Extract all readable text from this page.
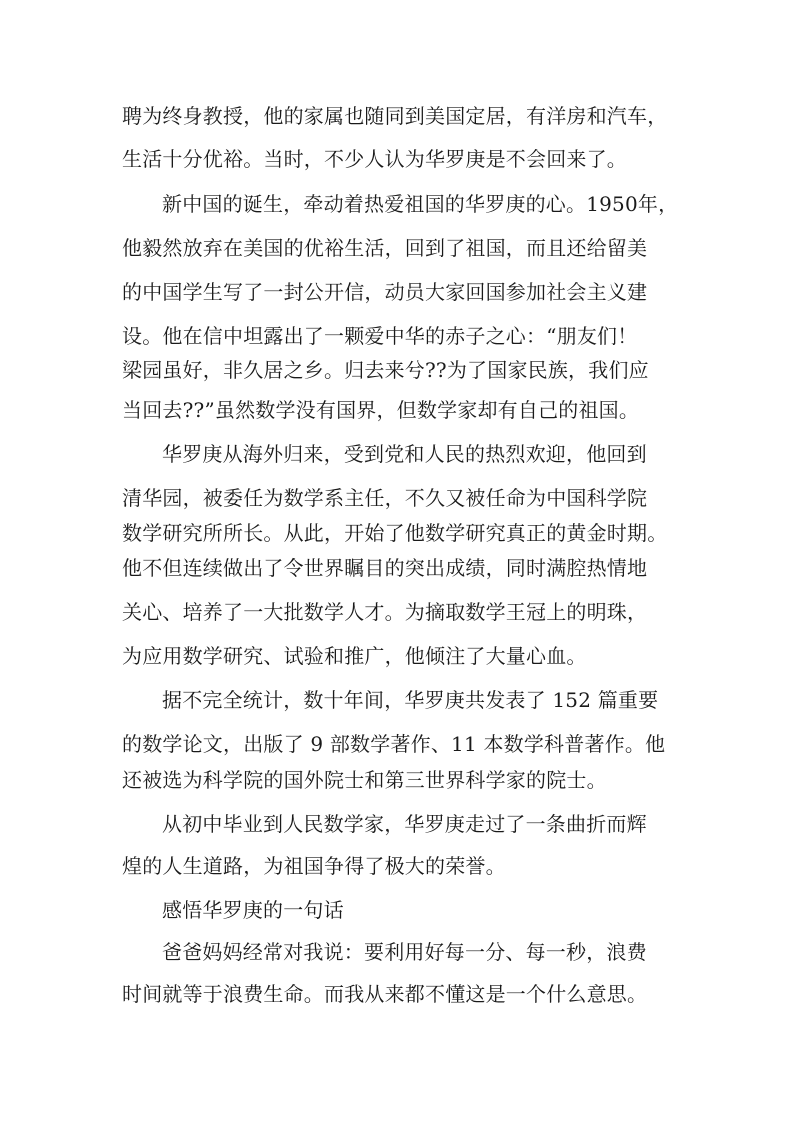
聘为终身教授，他的家属也随同到美国定居，有洋房和汽车，
生活十分优裕。当时，不少人认为华罗庚是不会回来了。
新中国的诞生，牵动着热爱祖国的华罗庚的心。1950年，
他毅然放弃在美国的优裕生活，回到了祖国，而且还给留美
的中国学生写了一封公开信，动员大家回国参加社会主义建
设。他在信中坦露出了一颗爱中华的赤子之心：“朋友们！
梁园虽好，非久居之乡。归去来兮??为了国家民族，我们应
当回去??”虽然数学没有国界，但数学家却有自己的祖国。
华罗庚从海外归来，受到党和人民的热烈欢迎，他回到
清华园，被委任为数学系主任，不久又被任命为中国科学院
数学研究所所长。从此，开始了他数学研究真正的黄金时期。
他不但连续做出了令世界瞩目的突出成绩，同时满腔热情地
关心、培养了一大批数学人才。为摘取数学王冠上的明珠，
为应用数学研究、试验和推广，他倾注了大量心血。
据不完全统计，数十年间，华罗庚共发表了 152 篇重要
的数学论文，出版了 9 部数学著作、11 本数学科普著作。他
还被选为科学院的国外院士和第三世界科学家的院士。
从初中毕业到人民数学家，华罗庚走过了一条曲折而辉
煌的人生道路，为祖国争得了极大的荣誉。
感悟华罗庚的一句话
爸爸妈妈经常对我说：要利用好每一分、每一秒，浪费
时间就等于浪费生命。而我从来都不懂这是一个什么意思。
